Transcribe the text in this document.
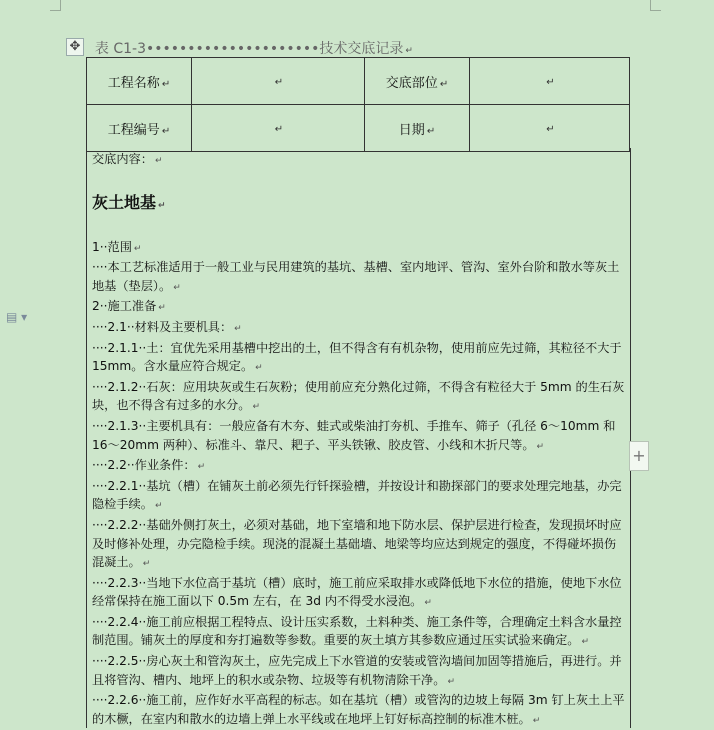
表 C1-3•••••••••••••••••••••技术交底记录 ↵

✥
▤ ▾
工程名称 ↵	↵	交底部位 ↵	↵
工程编号 ↵	↵	日期 ↵	↵
交底内容： ↵
灰土地基 ↵
1··范围 ↵
····本工艺标准适用于一般工业与民用建筑的基坑、基槽、室内地评、管沟、室外台阶和散水等灰土地基（垫层）。 ↵
2··施工准备 ↵
····2.1··材料及主要机具： ↵
····2.1.1··土：宜优先采用基槽中挖出的土，但不得含有有机杂物，使用前应先过筛，其粒径不大于 15mm。含水量应符合规定。 ↵
····2.1.2··石灰：应用块灰或生石灰粉；使用前应充分熟化过筛，不得含有粒径大于 5mm 的生石灰块，也不得含有过多的水分。 ↵
····2.1.3··主要机具有：一般应备有木夯、蛙式或柴油打夯机、手推车、筛子（孔径 6～10mm 和 16～20mm 两种）、标准斗、靠尺、耙子、平头铁锹、胶皮管、小线和木折尺等。 ↵
····2.2··作业条件： ↵
····2.2.1··基坑（槽）在铺灰土前必须先行钎探验槽，并按设计和勘探部门的要求处理完地基，办完隐检手续。 ↵
····2.2.2··基础外侧打灰土，必须对基础，地下室墙和地下防水层、保护层进行检查，发现损坏时应及时修补处理，办完隐检手续。现浇的混凝土基础墙、地梁等均应达到规定的强度，不得碰坏损伤混凝土。 ↵
····2.2.3··当地下水位高于基坑（槽）底时，施工前应采取排水或降低地下水位的措施，使地下水位经常保持在施工面以下 0.5m 左右，在 3d 内不得受水浸泡。 ↵
····2.2.4··施工前应根据工程特点、设计压实系数，土料种类、施工条件等，合理确定土料含水量控制范围。铺灰土的厚度和夯打遍数等参数。重要的灰土填方其参数应通过压实试验来确定。 ↵
····2.2.5··房心灰土和管沟灰土，应先完成上下水管道的安装或管沟墙间加固等措施后，再进行。并且将管沟、槽内、地坪上的积水或杂物、垃圾等有机物清除干净。 ↵
····2.2.6··施工前，应作好水平高程的标志。如在基坑（槽）或管沟的边坡上每隔 3m 钉上灰土上平的木橛，在室内和散水的边墙上弹上水平线或在地坪上钉好标高控制的标准木桩。 ↵
+
